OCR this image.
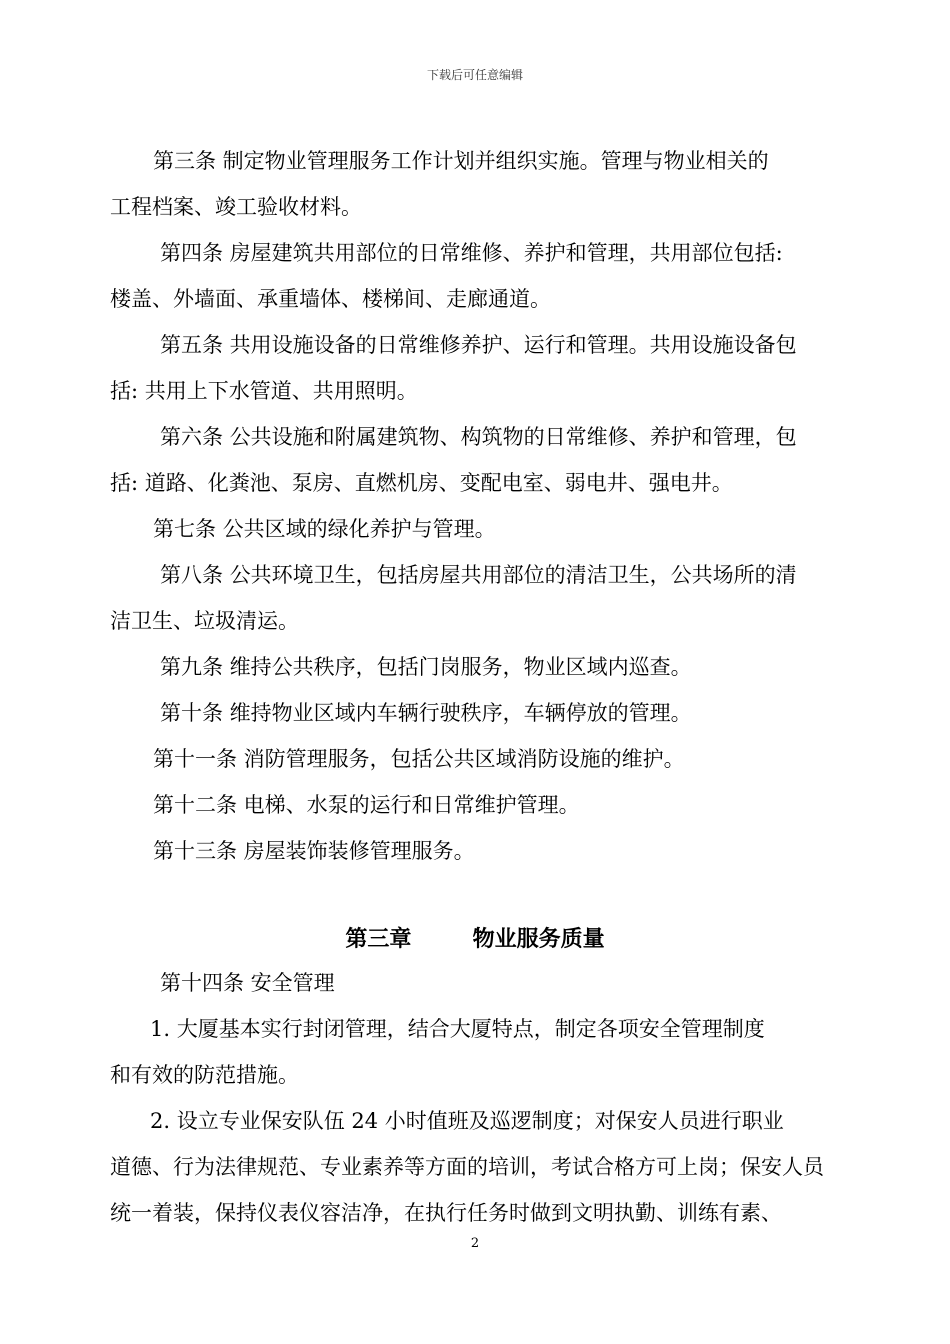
下载后可任意编辑
第三条 制定物业管理服务工作计划并组织实施。管理与物业相关的
工程档案、竣工验收材料。
第四条 房屋建筑共用部位的日常维修、养护和管理，共用部位包括:
楼盖、外墙面、承重墙体、楼梯间、走廊通道。
第五条 共用设施设备的日常维修养护、运行和管理。共用设施设备包
括: 共用上下水管道、共用照明。
第六条 公共设施和附属建筑物、构筑物的日常维修、养护和管理，包
括: 道路、化粪池、泵房、直燃机房、变配电室、弱电井、强电井。
第七条 公共区域的绿化养护与管理。
第八条 公共环境卫生，包括房屋共用部位的清洁卫生，公共场所的清
洁卫生、垃圾清运。
第九条 维持公共秩序，包括门岗服务，物业区域内巡查。
第十条 维持物业区域内车辆行驶秩序，车辆停放的管理。
第十一条 消防管理服务，包括公共区域消防设施的维护。
第十二条 电梯、水泵的运行和日常维护管理。
第十三条 房屋装饰装修管理服务。
第三章        物业服务质量
第十四条 安全管理
1. 大厦基本实行封闭管理，结合大厦特点，制定各项安全管理制度
和有效的防范措施。
2. 设立专业保安队伍 24 小时值班及巡逻制度；对保安人员进行职业
道德、行为法律规范、专业素养等方面的培训，考试合格方可上岗；保安人员
统一着装，保持仪表仪容洁净，在执行任务时做到文明执勤、训练有素、
2
